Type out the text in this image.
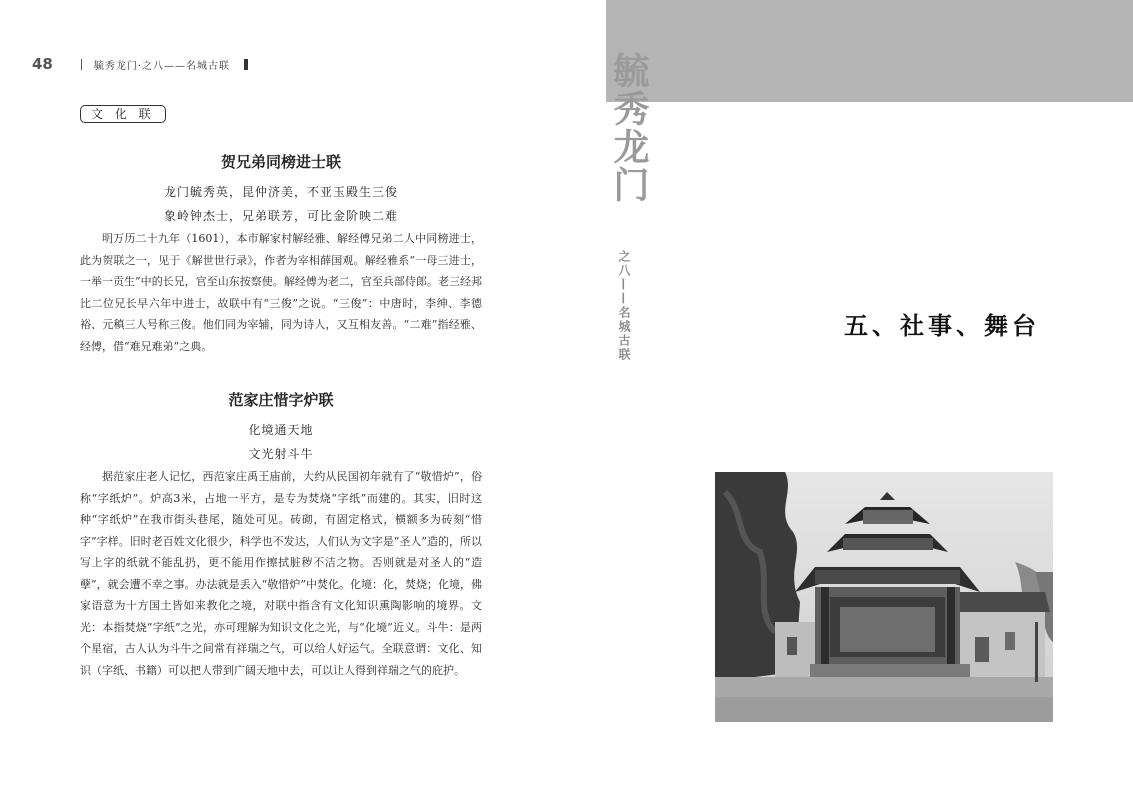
48	毓秀龙门·之八——名城古联
文 化 联
贺兄弟同榜进士联

龙门毓秀英，昆仲济美，不亚玉殿生三俊

象岭钟杰士，兄弟联芳，可比金阶映二难

明万历二十九年（1601），本市解家村解经雅、解经傅兄弟二人中同榜进士，此为贺联之一，见于《解世世行录》，作者为宰相薛国观。解经雅系“一母三进士，一举一贡生”中的长兄，官至山东按察使。解经傅为老二，官至兵部侍郎。老三经邦比二位兄长早六年中进士，故联中有“三俊”之说。“三俊”：中唐时，李绅、李德裕、元稹三人号称三俊。他们同为宰辅，同为诗人，又互相友善。“二难”指经雅、经傅，借“难兄难弟”之典。

范家庄惜字炉联

化境通天地

文光射斗牛

据范家庄老人记忆，西范家庄禹王庙前，大约从民国初年就有了“敬惜炉”，俗称“字纸炉”。炉高3米，占地一平方，是专为焚烧“字纸”而建的。其实，旧时这种“字纸炉”在我市街头巷尾，随处可见。砖砌，有固定格式，横额多为砖刻“惜字”字样。旧时老百姓文化很少，科学也不发达，人们认为文字是“圣人”造的，所以写上字的纸就不能乱扔，更不能用作擦拭脏秽不洁之物。否则就是对圣人的“造孽”，就会遭不幸之事。办法就是丢入“敬惜炉”中焚化。化境：化，焚烧；化境，佛家语意为十方国土皆如来教化之境，对联中指含有文化知识熏陶影响的境界。文光：本指焚烧“字纸”之光，亦可理解为知识文化之光，与“化境”近义。斗牛：是两个星宿，古人认为斗牛之间常有祥瑞之气，可以给人好运气。全联意谓：文化、知识（字纸、书籍）可以把人带到广阔天地中去，可以让人得到祥瑞之气的庇护。

毓秀龙门
之八——名城古联	五、社事、舞台
